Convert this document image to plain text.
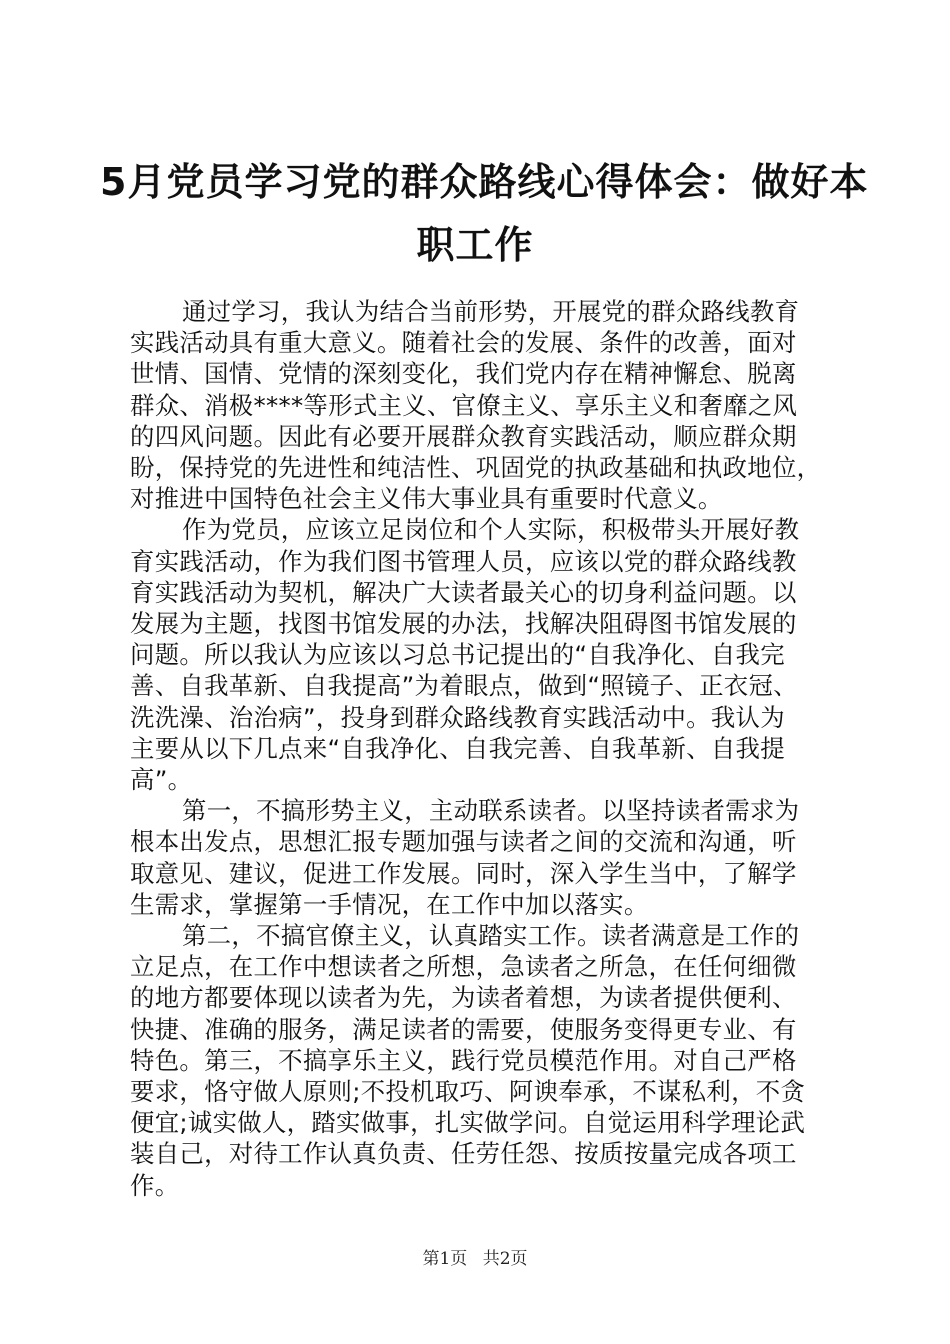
5月党员学习党的群众路线心得体会：做好本
职工作
通过学习，我认为结合当前形势，开展党的群众路线教育
实践活动具有重大意义。随着社会的发展、条件的改善，面对
世情、国情、党情的深刻变化，我们党内存在精神懈怠、脱离
群众、消极****等形式主义、官僚主义、享乐主义和奢靡之风
的四风问题。因此有必要开展群众教育实践活动，顺应群众期
盼，保持党的先进性和纯洁性、巩固党的执政基础和执政地位，
对推进中国特色社会主义伟大事业具有重要时代意义。
作为党员，应该立足岗位和个人实际，积极带头开展好教
育实践活动，作为我们图书管理人员，应该以党的群众路线教
育实践活动为契机，解决广大读者最关心的切身利益问题。以
发展为主题，找图书馆发展的办法，找解决阻碍图书馆发展的
问题。所以我认为应该以习总书记提出的“自我净化、自我完
善、自我革新、自我提高”为着眼点，做到“照镜子、正衣冠、
洗洗澡、治治病”，投身到群众路线教育实践活动中。我认为
主要从以下几点来“自我净化、自我完善、自我革新、自我提
高”。
第一，不搞形势主义，主动联系读者。以坚持读者需求为
根本出发点，思想汇报专题加强与读者之间的交流和沟通，听
取意见、建议，促进工作发展。同时，深入学生当中，了解学
生需求，掌握第一手情况，在工作中加以落实。
第二，不搞官僚主义，认真踏实工作。读者满意是工作的
立足点，在工作中想读者之所想，急读者之所急，在任何细微
的地方都要体现以读者为先，为读者着想，为读者提供便利、
快捷、准确的服务，满足读者的需要，使服务变得更专业、有
特色。第三，不搞享乐主义，践行党员模范作用。对自己严格
要求，恪守做人原则;不投机取巧、阿谀奉承，不谋私利，不贪
便宜;诚实做人，踏实做事，扎实做学问。自觉运用科学理论武
装自己，对待工作认真负责、任劳任怨、按质按量完成各项工
作。
第1页 共2页
